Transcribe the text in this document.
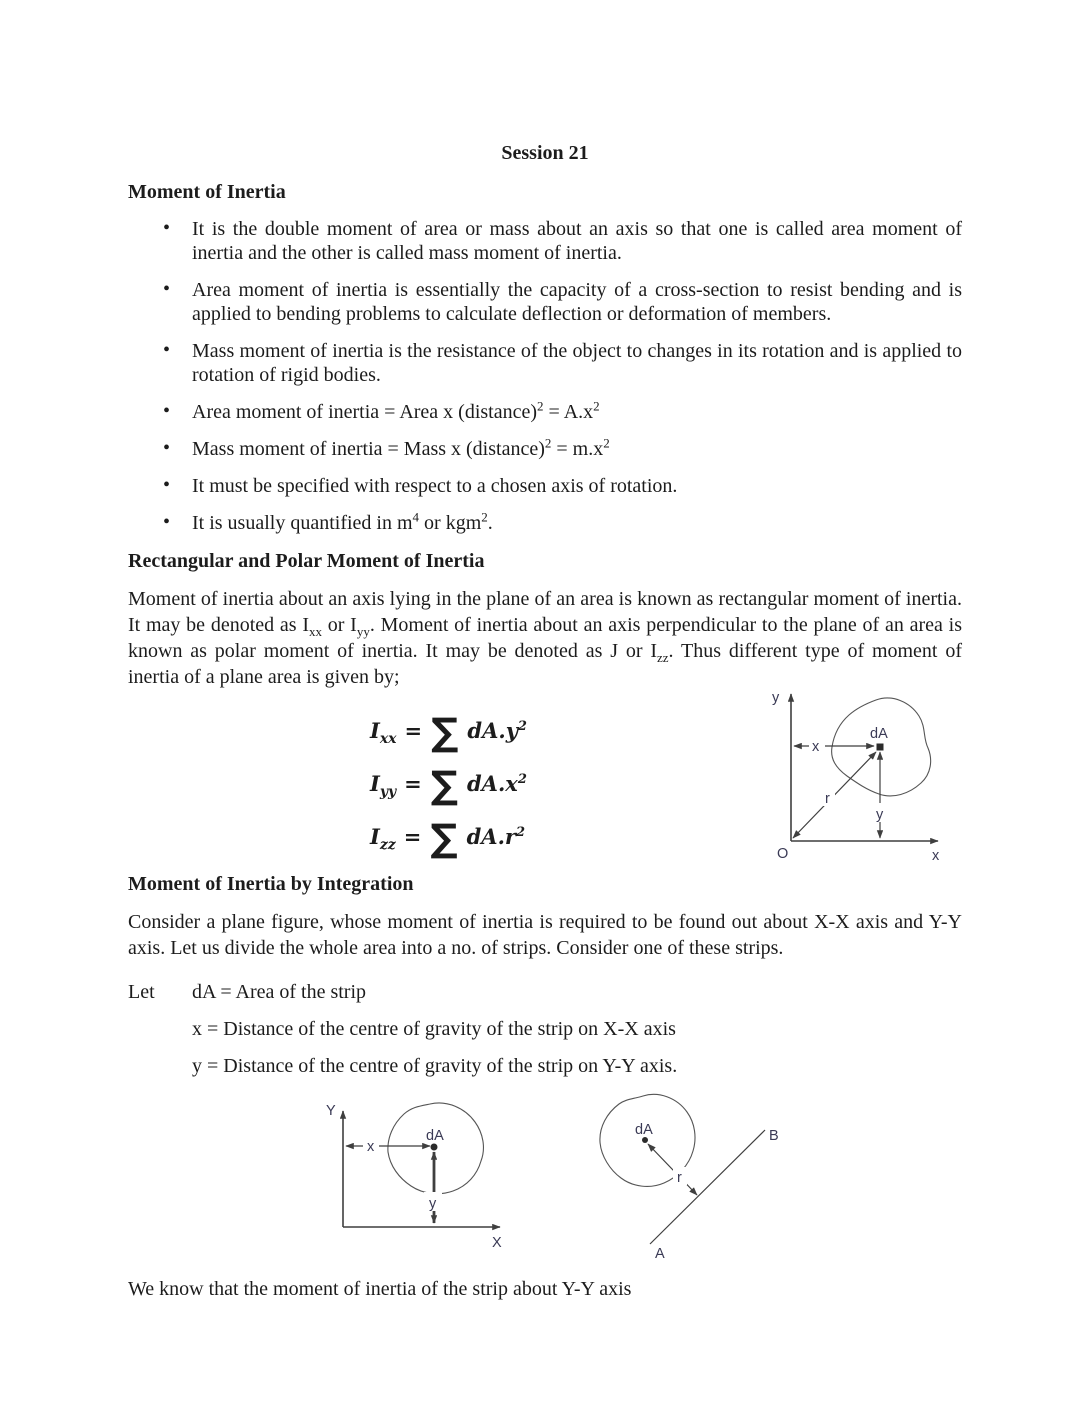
Session 21
Moment of Inertia
• It is the double moment of area or mass about an axis so that one is called area moment of inertia and the other is called mass moment of inertia.
• Area moment of inertia is essentially the capacity of a cross-section to resist bending and is applied to bending problems to calculate deflection or deformation of members.
• Mass moment of inertia is the resistance of the object to changes in its rotation and is applied to rotation of rigid bodies.
• Area moment of inertia = Area x (distance)$^2$ = $A.x^2$
• Mass moment of inertia = Mass x (distance)$^2$ = $m.x^2$
• It must be specified with respect to a chosen axis of rotation.
• It is usually quantified in $m^4$ or kgm$^2$.
Rectangular and Polar Moment of Inertia

Moment of inertia about an axis lying in the plane of an area is known as rectangular moment of inertia. It may be denoted as $I_{xx}$ or $I_{yy}$. Moment of inertia about an axis perpendicular to the plane of an area is known as polar moment of inertia. It may be denoted as J or $I_{zz}$. Thus different type of moment of inertia of a plane area is given by;

$I_{xx}$ = ∑ $dA.y^2$
$I_{yy}$ = ∑ $dA.x^2$
$I_{zz}$ = ∑ $dA.r^2$
x
r
y
dA
y
O	x
Moment of Inertia by Integration

Consider a plane figure, whose moment of inertia is required to be found out about X-X axis and Y-Y axis. Let us divide the whole area into a no. of strips. Consider one of these strips.

Let	dA = Area of the strip
x = Distance of the centre of gravity of the strip on X-X axis
y = Distance of the centre of gravity of the strip on Y-Y axis.
x
y
dA
Y
X
r
dA	B
A

We know that the moment of inertia of the strip about Y-Y axis
